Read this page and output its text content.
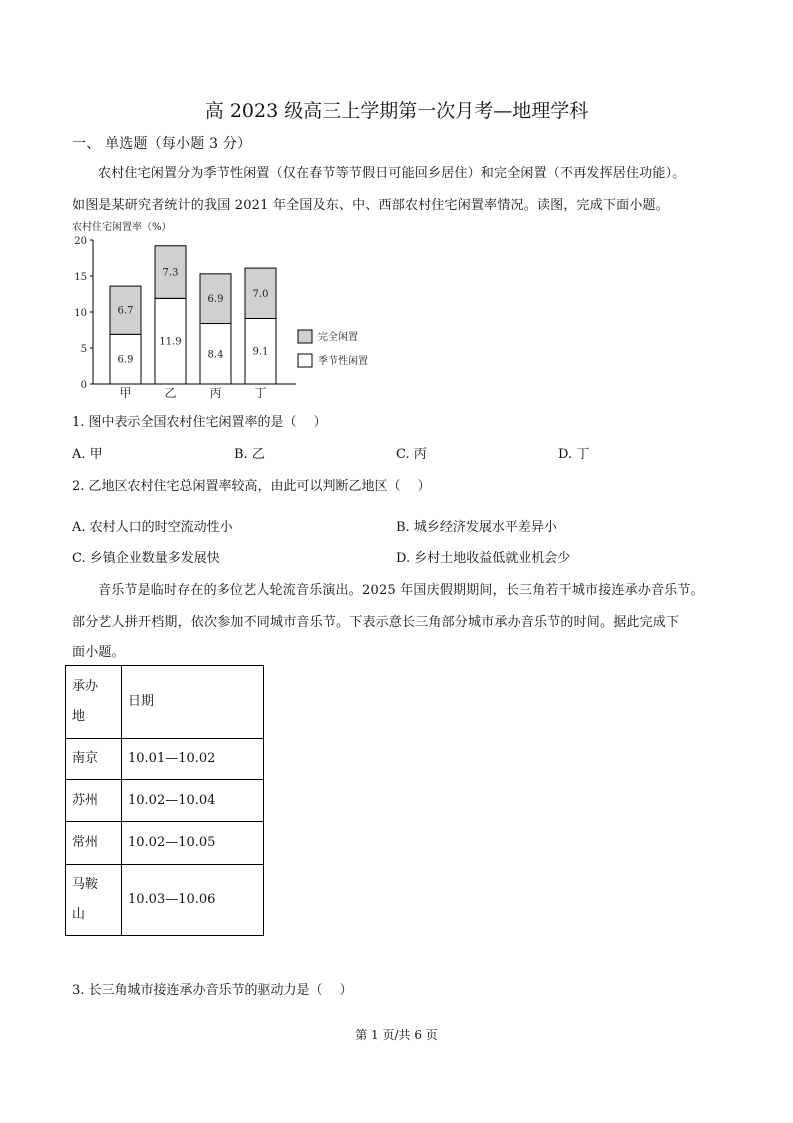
高 2023 级高三上学期第一次月考—地理学科
一、 单选题（每小题 3 分）
农村住宅闲置分为季节性闲置（仅在春节等节假日可能回乡居住）和完全闲置（不再发挥居住功能）。
如图是某研究者统计的我国 2021 年全国及东、中、西部农村住宅闲置率情况。读图，完成下面小题。
农村住宅闲置率（%）
0
5
10
15
20
6.9
6.7
甲
11.9
7.3
乙
8.4
6.9
丙
9.1
7.0
丁
完全闲置
季节性闲置
1. 图中表示全国农村住宅闲置率的是（　 ）
A. 甲	B. 乙	C. 丙	D. 丁
2. 乙地区农村住宅总闲置率较高，由此可以判断乙地区（　 ）
A. 农村人口的时空流动性小	B. 城乡经济发展水平差异小
C. 乡镇企业数量多发展快	D. 乡村土地收益低就业机会少
音乐节是临时存在的多位艺人轮流音乐演出。2025 年国庆假期期间，长三角若干城市接连承办音乐节。
部分艺人拼开档期，依次参加不同城市音乐节。下表示意长三角部分城市承办音乐节的时间。据此完成下
面小题。
承办
地	日期
南京	10.01—10.02
苏州	10.02—10.04
常州	10.02—10.05
马鞍
山	10.03—10.06
3. 长三角城市接连承办音乐节的驱动力是（　 ）
第 1 页/共 6 页
